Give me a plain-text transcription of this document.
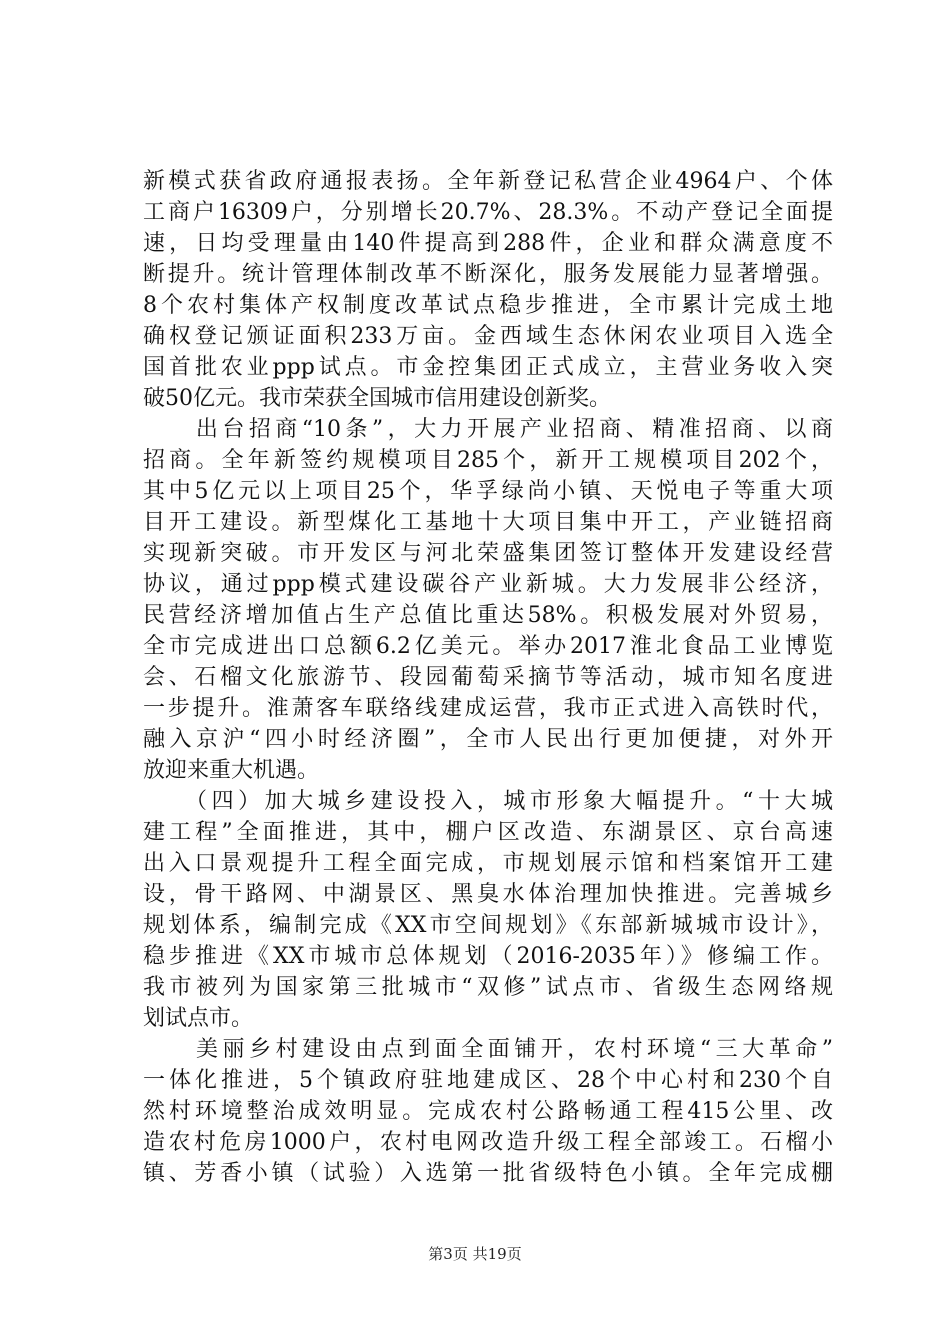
新模式获省政府通报表扬。全年新登记私营企业4964户、个体
工商户16309户，分别增长20.7%、28.3%。不动产登记全面提
速，日均受理量由140件提高到288件，企业和群众满意度不
断提升。统计管理体制改革不断深化，服务发展能力显著增强。
8个农村集体产权制度改革试点稳步推进，全市累计完成土地
确权登记颁证面积233万亩。金西域生态休闲农业项目入选全
国首批农业ppp试点。市金控集团正式成立，主营业务收入突
破50亿元。我市荣获全国城市信用建设创新奖。
　　出台招商“10条”，大力开展产业招商、精准招商、以商
招商。全年新签约规模项目285个，新开工规模项目202个，
其中5亿元以上项目25个，华孚绿尚小镇、天悦电子等重大项
目开工建设。新型煤化工基地十大项目集中开工，产业链招商
实现新突破。市开发区与河北荣盛集团签订整体开发建设经营
协议，通过ppp模式建设碳谷产业新城。大力发展非公经济，
民营经济增加值占生产总值比重达58%。积极发展对外贸易，
全市完成进出口总额6.2亿美元。举办2017淮北食品工业博览
会、石榴文化旅游节、段园葡萄采摘节等活动，城市知名度进
一步提升。淮萧客车联络线建成运营，我市正式进入高铁时代，
融入京沪“四小时经济圈”，全市人民出行更加便捷，对外开
放迎来重大机遇。
　　（四）加大城乡建设投入，城市形象大幅提升。“十大城
建工程”全面推进，其中，棚户区改造、东湖景区、京台高速
出入口景观提升工程全面完成，市规划展示馆和档案馆开工建
设，骨干路网、中湖景区、黑臭水体治理加快推进。完善城乡
规划体系，编制完成《XX市空间规划》《东部新城城市设计》，
稳步推进《XX市城市总体规划（2016-2035年）》修编工作。
我市被列为国家第三批城市“双修”试点市、省级生态网络规
划试点市。
　　美丽乡村建设由点到面全面铺开，农村环境“三大革命”
一体化推进，5个镇政府驻地建成区、28个中心村和230个自
然村环境整治成效明显。完成农村公路畅通工程415公里、改
造农村危房1000户，农村电网改造升级工程全部竣工。石榴小
镇、芳香小镇（试验）入选第一批省级特色小镇。全年完成棚
第3页 共19页
